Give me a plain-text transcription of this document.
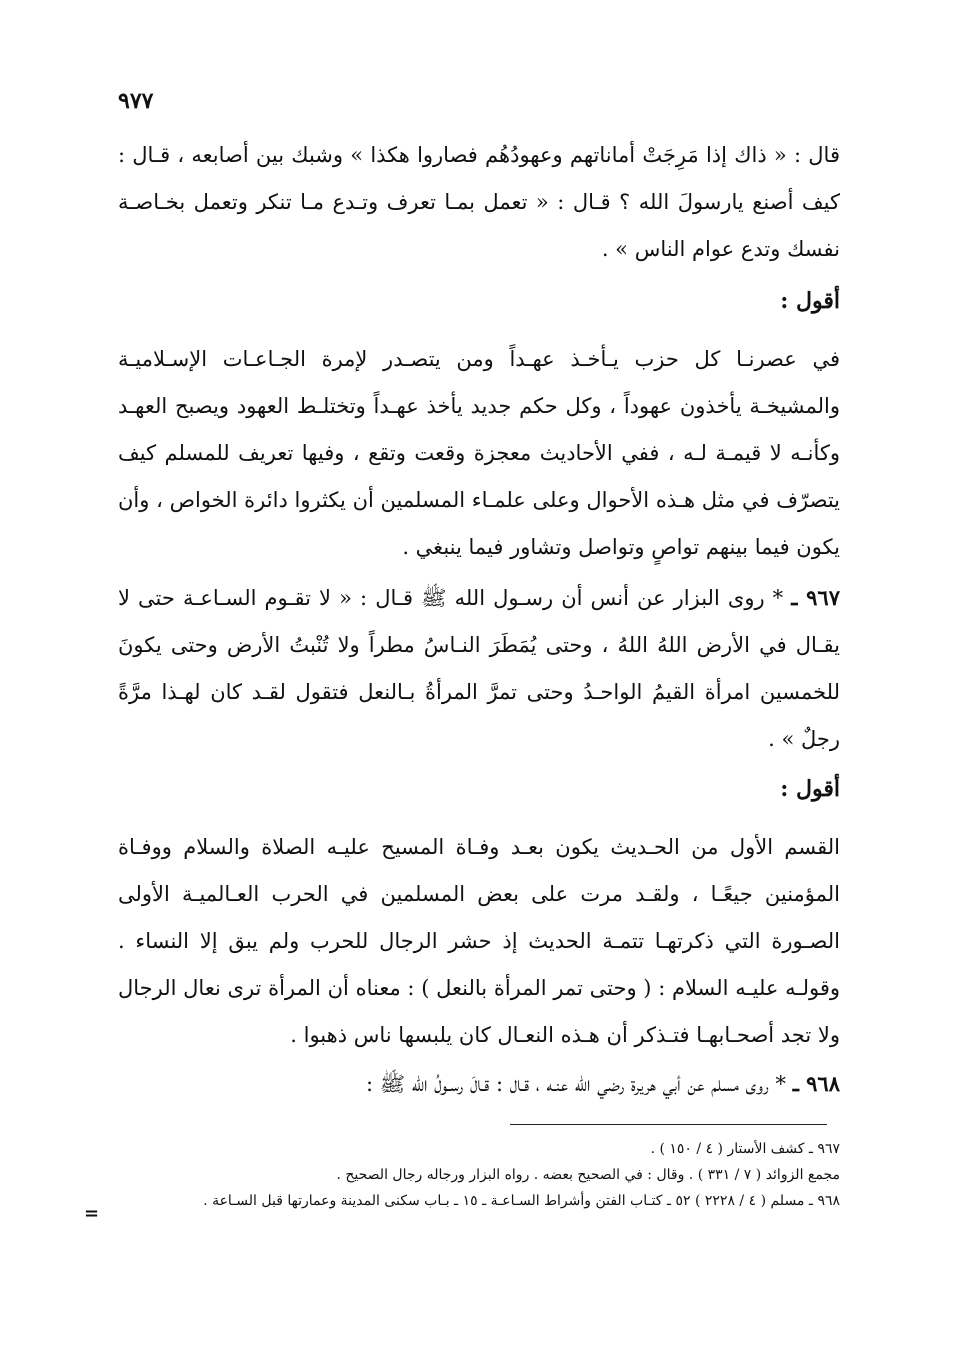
٩٧٧
قال : « ذاك إذا مَرِجَتْ أماناتهم وعهودُهُم فصاروا هكذا » وشبك بين أصابعه ، قـال : كيف أصنع يارسولَ الله ؟ قـال : « تعمل بمـا تعرف وتـدع مـا تنكر وتعمل بخـاصـة نفسك وتدع عوام الناس » .
أقول :
في عصرنـا كل حزب يـأخـذ عهـداً ومن يتصـدر لإمرة الجـاعـات الإسـلاميـة والمشيخـة يأخذون عهوداً ، وكل حكم جديد يأخذ عهـداً وتختلـط العهود ويصبح العهـد وكأنـه لا قيمـة لـه ، ففي الأحاديث معجزة وقعت وتقع ، وفيها تعريف للمسلم كيف يتصرّف في مثل هـذه الأحوال وعلى علمـاء المسلمين أن يكثروا دائرة الخواص ، وأن يكون فيما بينهم تواصٍ وتواصل وتشاور فيما ينبغي .
٩٦٧ ـ * روى البزار عن أنس أن رسـول الله ﷺ قـال : « لا تقـوم السـاعـة حتى لا يقـال في الأرض اللهُ اللهُ ، وحتى يُمَطَرَ النـاسُ مطراً ولا تُنْبتُ الأرض وحتى يكونَ للخمسين امرأة القيمُ الواحـدُ وحتى تمرَّ المرأةُ بـالنعل فتقول لقـد كان لهـذا مرَّةً رجلٌ » .
أقول :
القسم الأول من الحـديث يكون بعـد وفـاة المسيح عليـه الصلاة والسلام ووفـاة المؤمنين جيعًـا ، ولقـد مرت على بعض المسلمين في الحرب العـالميـة الأولى الصـورة التي ذكرتهـا تتمـة الحديث إذ حشر الرجال للحرب ولم يبق إلا النساء . وقولـه عليـه السلام : ( وحتى تمر المرأة بالنعل ) : معناه أن المرأة ترى نعال الرجال ولا تجد أصحـابهـا فتـذكر أن هـذه النعـال كان يلبسها ناس ذهبوا .
٩٦٨ ـ * روى مسلم عن أبي هريرة رضي الله عنـه ، قـال : قـالَ رسـولُ الله ﷺ :
٩٦٧ ـ كشف الأستار ( ٤ / ١٥٠ ) .
مجمع الزوائد ( ٧ / ٣٣١ ) . وقال : في الصحيح بعضه . رواه البزار ورجاله رجال الصحيح .
٩٦٨ ـ مسلم ( ٤ / ٢٢٢٨ ) ٥٢ ـ كتـاب الفتن وأشراط السـاعـة ـ ١٥ ـ بـاب سكنى المدينة وعمارتها قبل السـاعة .
=
